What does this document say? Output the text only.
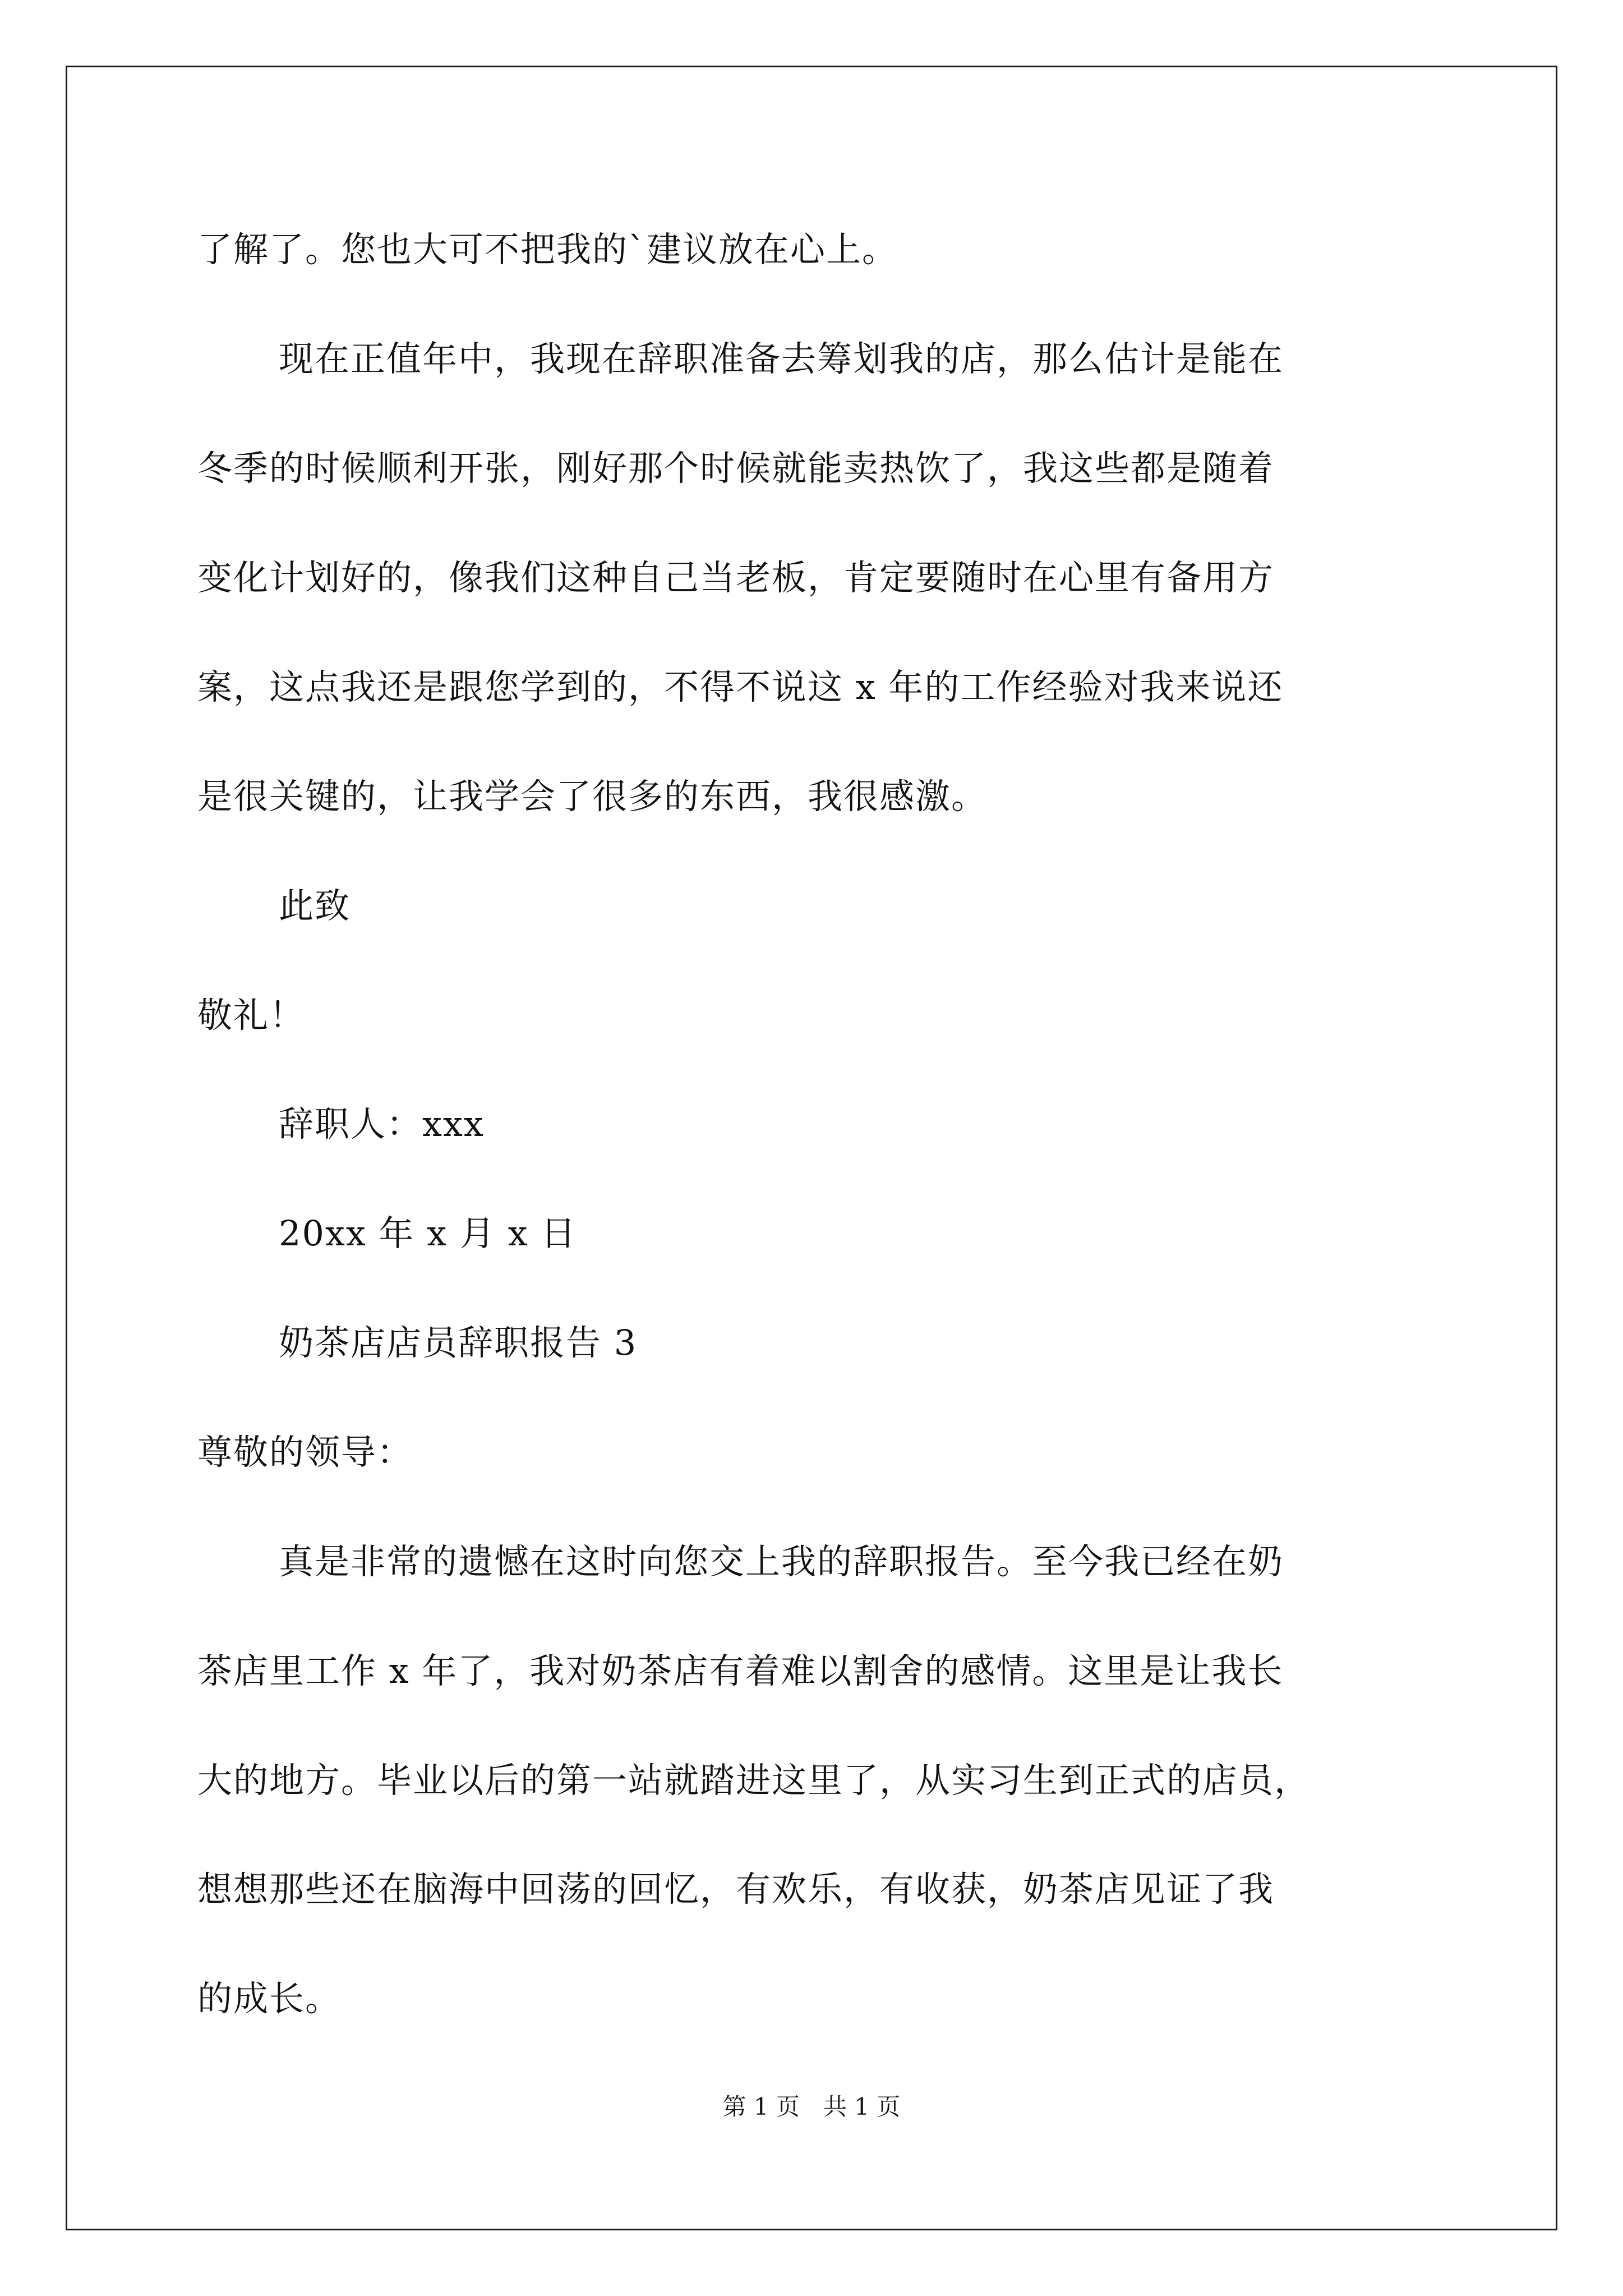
了解了。您也大可不把我的`建议放在心上。
现在正值年中，我现在辞职准备去筹划我的店，那么估计是能在
冬季的时候顺利开张，刚好那个时候就能卖热饮了，我这些都是随着
变化计划好的，像我们这种自己当老板，肯定要随时在心里有备用方
案，这点我还是跟您学到的，不得不说这 x 年的工作经验对我来说还
是很关键的，让我学会了很多的东西，我很感激。
此致
敬礼！
辞职人：xxx
20xx 年 x 月 x 日
奶茶店店员辞职报告 3
尊敬的领导：
真是非常的遗憾在这时向您交上我的辞职报告。至今我已经在奶
茶店里工作 x 年了，我对奶茶店有着难以割舍的感情。这里是让我长
大的地方。毕业以后的第一站就踏进这里了，从实习生到正式的店员，
想想那些还在脑海中回荡的回忆，有欢乐，有收获，奶茶店见证了我
的成长。
第 1 页　共 1 页
